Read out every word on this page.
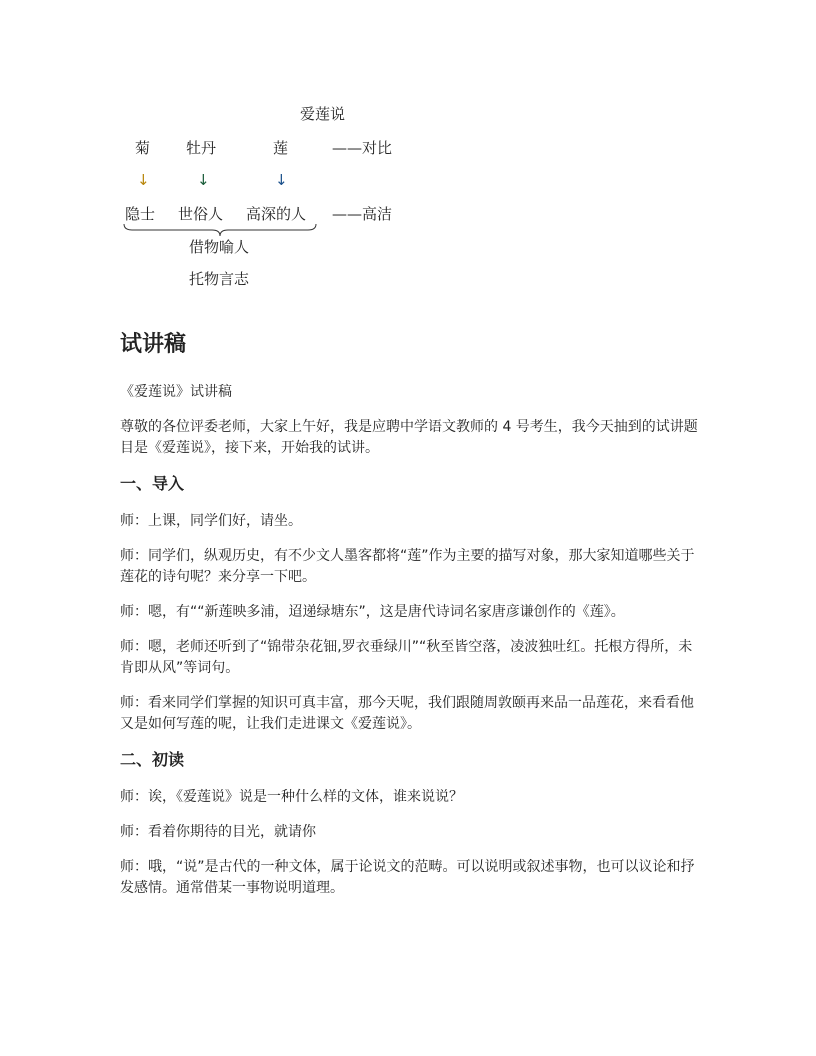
爱莲说
菊 牡丹	莲	——对比
↓	↓	↓
隐士 世俗人 高深的人 ——高洁
借物喻人
托物言志
试讲稿

《爱莲说》试讲稿

尊敬的各位评委老师，大家上午好，我是应聘中学语文教师的 4 号考生，我今天抽到的试讲题目是《爱莲说》，接下来，开始我的试讲。

一、导入

师：上课，同学们好，请坐。

师：同学们，纵观历史，有不少文人墨客都将“莲”作为主要的描写对象，那大家知道哪些关于莲花的诗句呢？来分享一下吧。

师：嗯，有““新莲映多浦，迢递绿塘东”，这是唐代诗词名家唐彦谦创作的《莲》。

师：嗯，老师还听到了“锦带杂花钿,罗衣垂绿川”“秋至皆空落，凌波独吐红。托根方得所，未肯即从风”等词句。

师：看来同学们掌握的知识可真丰富，那今天呢，我们跟随周敦颐再来品一品莲花，来看看他又是如何写莲的呢，让我们走进课文《爱莲说》。

二、初读

师：诶，《爱莲说》说是一种什么样的文体，谁来说说？

师：看着你期待的目光，就请你

师：哦，“说”是古代的一种文体，属于论说文的范畴。可以说明或叙述事物，也可以议论和抒发感情。通常借某一事物说明道理。
